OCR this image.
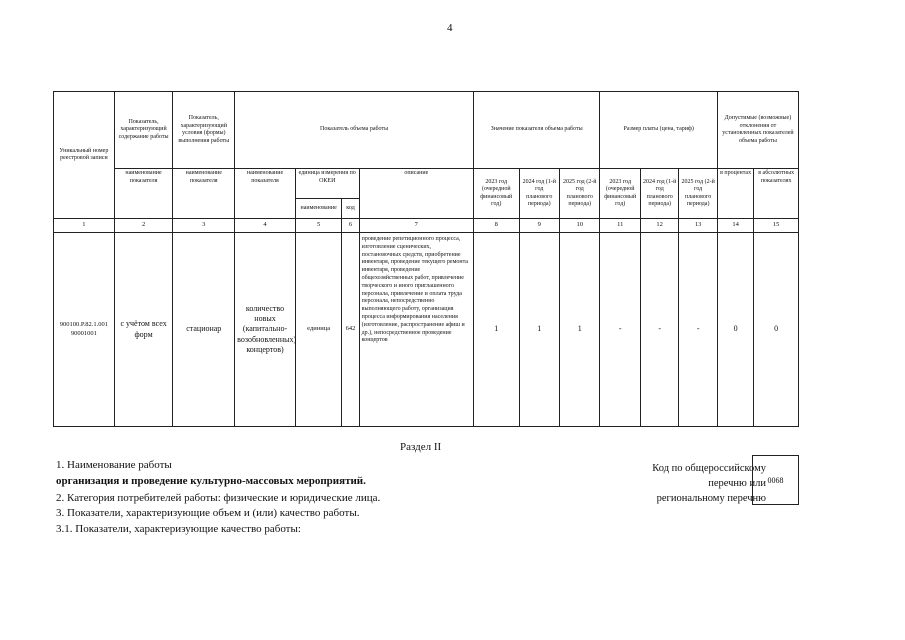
4
Уникальный номер реестровой записи	Показатель, характеризующий содержание работы	Показатель, характеризующий условия (формы) выполнения работы	Показатель объема работы				Значение показателя объема работы			Размер платы (цена, тариф)			Допустимые (возможные) отклонения от установленных показателей объема работы	
	наименование показателя	наименование показателя	наименование показателя	единица измерения по ОКЕИ		описание	2023 год (очередной финансовый год)	2024 год (1-й год планового периода)	2025 год (2-й год планового периода)	2023 год (очередной финансовый год)	2024 год (1-й год планового периода)	2025 год (2-й год планового периода)	в процентах	в абсолютных показателях
				наименование	код									
1	2	3	4	5	6	7	8	9	10	11	12	13	14	15
900100.Р.82.1.001 90001001	с учётом всех форм	стационар	количество новых (капитально-возобновленных) концертов)	единица	642	проведение репетиционного процесса, изготовление сценических, постановочных средств, приобретение инвентаря, проведение текущего ремонта инвентаря, проведение общехозяйственных работ, привлечение творческого и иного приглашенного персонала, привлечение и оплата труда персонала, непосредственно выполняющего работу, организация процесса информирования населения (изготовление, распространение афиш и др.), непосредственное проведение концертов	1	1	1	-	-	-	0	0
Раздел II
1. Наименование работы
организация и проведение культурно-массовых мероприятий.
2. Категория потребителей работы: физические и юридические лица.
3. Показатели, характеризующие объем и (или) качество работы.
3.1. Показатели, характеризующие качество работы:
Код по общероссийскому
перечню или
региональному перечню
0068
